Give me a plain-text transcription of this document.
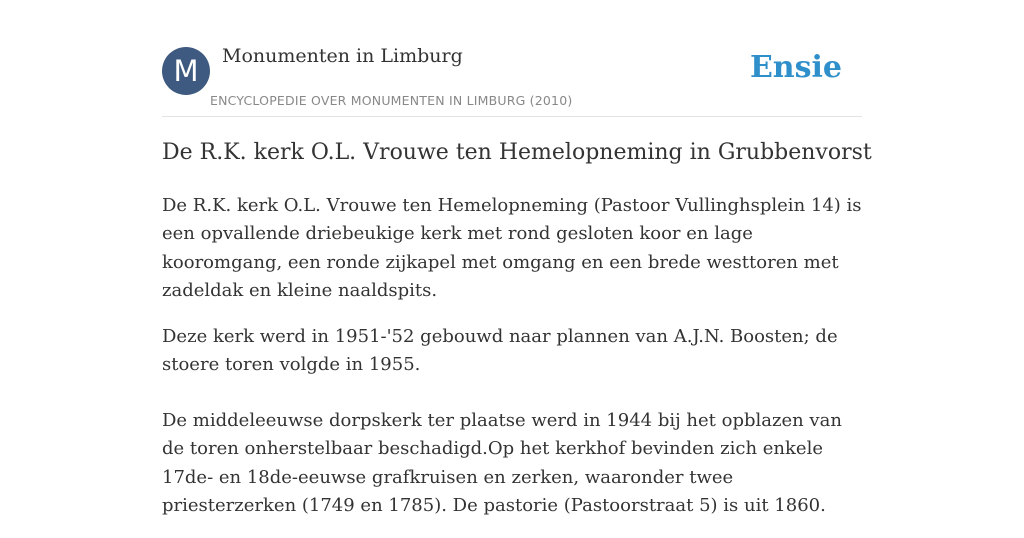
M	Monumenten in Limburg
ENCYCLOPEDIE OVER MONUMENTEN IN LIMBURG (2010)
Ensie
De R.K. kerk O.L. Vrouwe ten Hemelopneming in Grubbenvorst

De R.K. kerk O.L. Vrouwe ten Hemelopneming (Pastoor Vullinghsplein 14) is een opvallende driebeukige kerk met rond gesloten koor en lage kooromgang, een ronde zijkapel met omgang en een brede westtoren met zadeldak en kleine naaldspits.

Deze kerk werd in 1951-'52 gebouwd naar plannen van A.J.N. Boosten; de stoere toren volgde in 1955.

De middeleeuwse dorpskerk ter plaatse werd in 1944 bij het opblazen van de toren onherstelbaar beschadigd.Op het kerkhof bevinden zich enkele 17de- en 18de-eeuwse grafkruisen en zerken, waaronder twee priesterzerken (1749 en 1785). De pastorie (Pastoorstraat 5) is uit 1860.
